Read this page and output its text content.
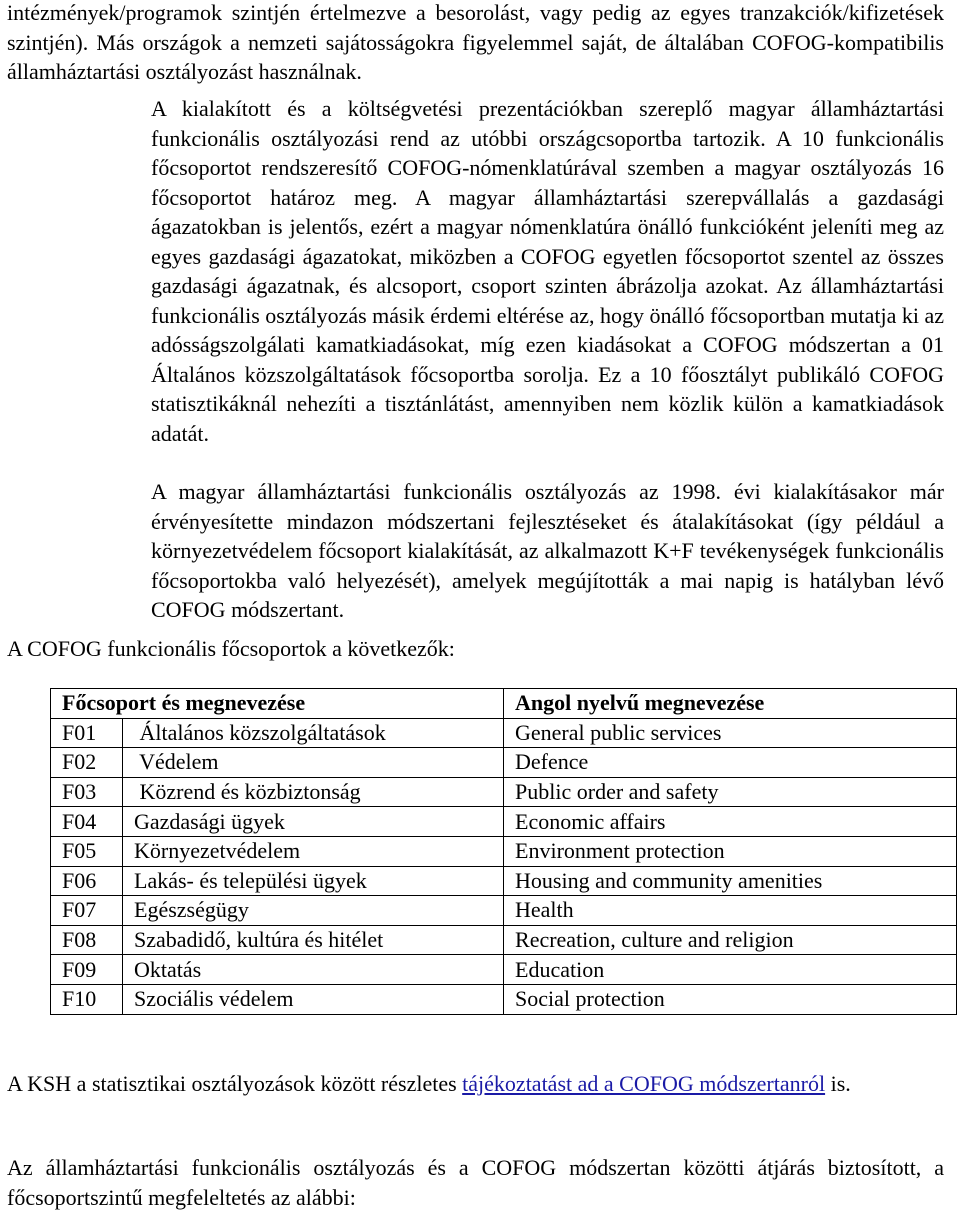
intézmények/programok szintjén értelmezve a besorolást, vagy pedig az egyes tranzakciók/kifizetések szintjén). Más országok a nemzeti sajátosságokra figyelemmel saját, de általában COFOG-kompatibilis államháztartási osztályozást használnak.

A kialakított és a költségvetési prezentációkban szereplő magyar államháztartási funkcionális osztályozási rend az utóbbi országcsoportba tartozik. A 10 funkcionális főcsoportot rendszeresítő COFOG-nómenklatúrával szemben a magyar osztályozás 16 főcsoportot határoz meg. A magyar államháztartási szerepvállalás a gazdasági ágazatokban is jelentős, ezért a magyar nómenklatúra önálló funkcióként jeleníti meg az egyes gazdasági ágazatokat, miközben a COFOG egyetlen főcsoportot szentel az összes gazdasági ágazatnak, és alcsoport, csoport szinten ábrázolja azokat. Az államháztartási funkcionális osztályozás másik érdemi eltérése az, hogy önálló főcsoportban mutatja ki az adósságszolgálati kamatkiadásokat, míg ezen kiadásokat a COFOG módszertan a 01 Általános közszolgáltatások főcsoportba sorolja. Ez a 10 főosztályt publikáló COFOG statisztikáknál nehezíti a tisztánlátást, amennyiben nem közlik külön a kamatkiadások adatát.

A magyar államháztartási funkcionális osztályozás az 1998. évi kialakításakor már érvényesítette mindazon módszertani fejlesztéseket és átalakításokat (így például a környezetvédelem főcsoport kialakítását, az alkalmazott K+F tevékenységek funkcionális főcsoportokba való helyezését), amelyek megújították a mai napig is hatályban lévő COFOG módszertant.

A COFOG funkcionális főcsoportok a következők:

Főcsoport és megnevezése		Angol nyelvű megnevezése
F01	Általános közszolgáltatások	General public services
F02	Védelem	Defence
F03	Közrend és közbiztonság	Public order and safety
F04	Gazdasági ügyek	Economic affairs
F05	Környezetvédelem	Environment protection
F06	Lakás- és települési ügyek	Housing and community amenities
F07	Egészségügy	Health
F08	Szabadidő, kultúra és hitélet	Recreation, culture and religion
F09	Oktatás	Education
F10	Szociális védelem	Social protection

A KSH a statisztikai osztályozások között részletes tájékoztatást ad a COFOG módszertanról is.

Az államháztartási funkcionális osztályozás és a COFOG módszertan közötti átjárás biztosított, a főcsoportszintű megfeleltetés az alábbi:
